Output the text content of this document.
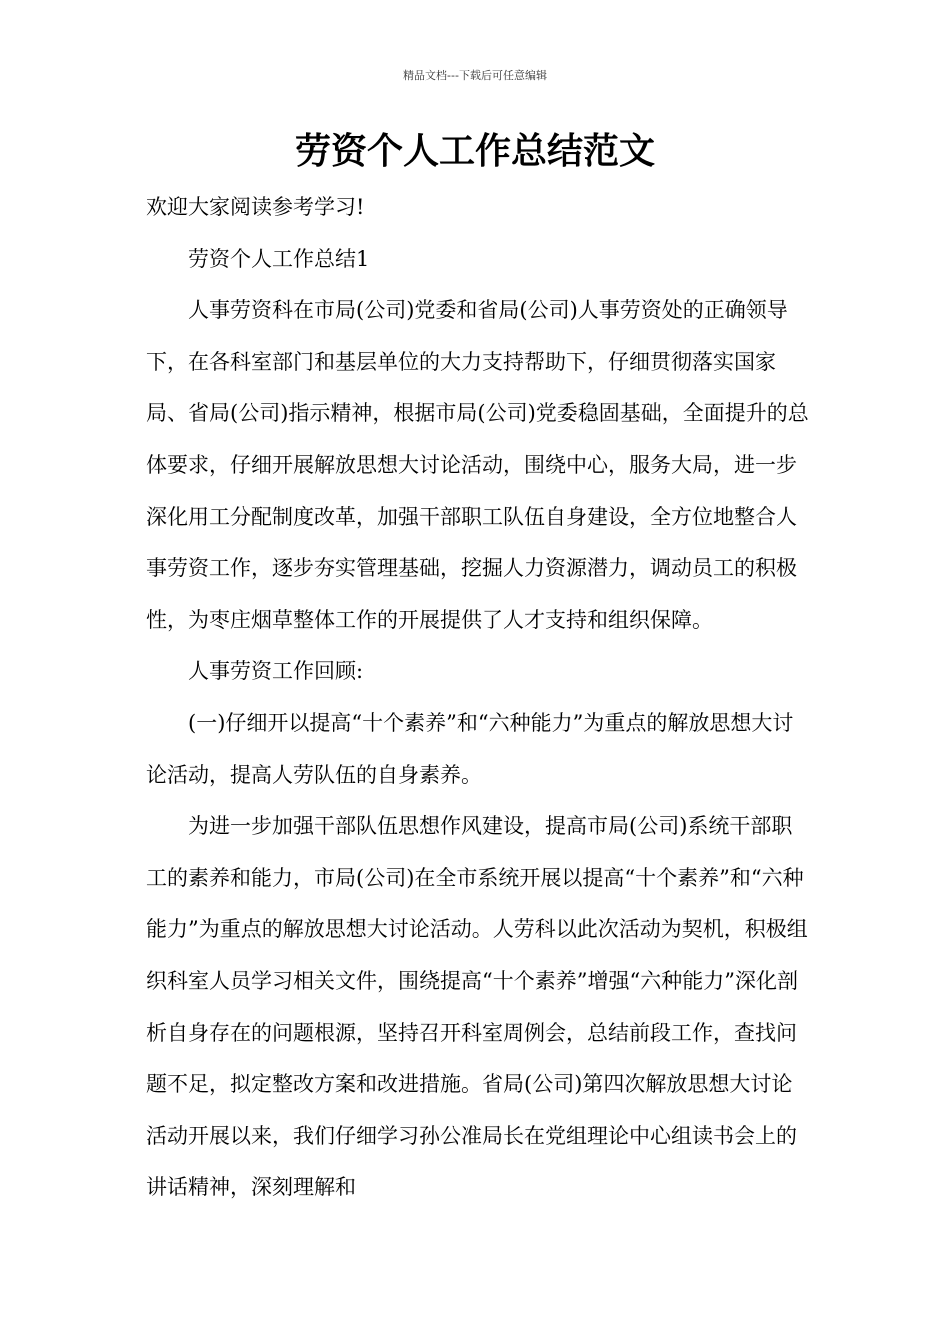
精品文档---下载后可任意编辑
劳资个人工作总结范文

欢迎大家阅读参考学习!

劳资个人工作总结1

人事劳资科在市局(公司)党委和省局(公司)人事劳资处的正确领导下，在各科室部门和基层单位的大力支持帮助下，仔细贯彻落实国家局、省局(公司)指示精神，根据市局(公司)党委稳固基础，全面提升的总体要求，仔细开展解放思想大讨论活动，围绕中心，服务大局，进一步深化用工分配制度改革，加强干部职工队伍自身建设，全方位地整合人事劳资工作，逐步夯实管理基础，挖掘人力资源潜力，调动员工的积极性，为枣庄烟草整体工作的开展提供了人才支持和组织保障。

人事劳资工作回顾:

(一)仔细开以提高“十个素养”和“六种能力”为重点的解放思想大讨论活动，提高人劳队伍的自身素养。

为进一步加强干部队伍思想作风建设，提高市局(公司)系统干部职工的素养和能力，市局(公司)在全市系统开展以提高“十个素养”和“六种能力”为重点的解放思想大讨论活动。人劳科以此次活动为契机，积极组织科室人员学习相关文件，围绕提高“十个素养”增强“六种能力”深化剖析自身存在的问题根源，坚持召开科室周例会，总结前段工作，查找问题不足，拟定整改方案和改进措施。省局(公司)第四次解放思想大讨论活动开展以来，我们仔细学习孙公准局长在党组理论中心组读书会上的讲话精神，深刻理解和
